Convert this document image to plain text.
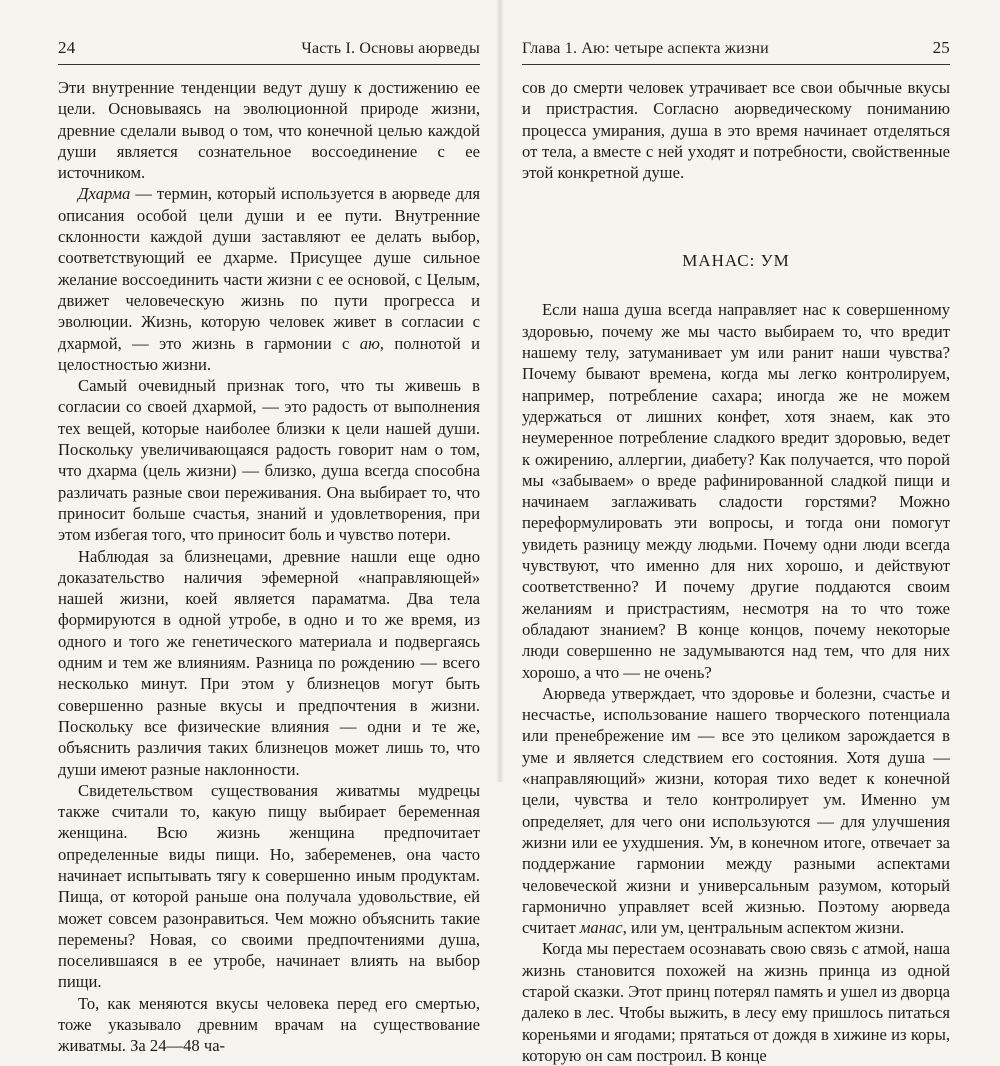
24	Часть I. Основы аюрведы

Эти внутренние тенденции ведут душу к достижению ее цели. Основываясь на эволюционной природе жизни, древние сделали вывод о том, что конечной целью каждой души является сознательное воссоединение с ее источником.

Дхарма — термин, который используется в аюрведе для описания особой цели души и ее пути. Внутренние склонности каждой души заставляют ее делать выбор, соответствующий ее дхарме. Присущее душе сильное желание воссоединить части жизни с ее основой, с Целым, движет человеческую жизнь по пути прогресса и эволюции. Жизнь, которую человек живет в согласии с дхармой, — это жизнь в гармонии с аю, полнотой и целостностью жизни.

Самый очевидный признак того, что ты живешь в согласии со своей дхармой, — это радость от выполнения тех вещей, которые наиболее близки к цели нашей души. Поскольку увеличивающаяся радость говорит нам о том, что дхарма (цель жизни) — близко, душа всегда способна различать разные свои переживания. Она выбирает то, что приносит больше счастья, знаний и удовлетворения, при этом избегая того, что приносит боль и чувство потери.

Наблюдая за близнецами, древние нашли еще одно доказательство наличия эфемерной «направляющей» нашей жизни, коей является параматма. Два тела формируются в одной утробе, в одно и то же время, из одного и того же генетического материала и подвергаясь одним и тем же влияниям. Разница по рождению — всего несколько минут. При этом у близнецов могут быть совершенно разные вкусы и предпочтения в жизни. Поскольку все физические влияния — одни и те же, объяснить различия таких близнецов может лишь то, что души имеют разные наклонности.

Свидетельством существования живатмы мудрецы также считали то, какую пищу выбирает беременная женщина. Всю жизнь женщина предпочитает определенные виды пищи. Но, забеременев, она часто начинает испытывать тягу к совершенно иным продуктам. Пища, от которой раньше она получала удовольствие, ей может совсем разонравиться. Чем можно объяснить такие перемены? Новая, со своими предпочтениями душа, поселившаяся в ее утробе, начинает влиять на выбор пищи.

То, как меняются вкусы человека перед его смертью, тоже указывало древним врачам на существование живатмы. За 24—48 ча-

Глава 1. Аю: четыре аспекта жизни	25

сов до смерти человек утрачивает все свои обычные вкусы и пристрастия. Согласно аюрведическому пониманию процесса умирания, душа в это время начинает отделяться от тела, а вместе с ней уходят и потребности, свойственные этой конкретной душе.

МАНАС: УМ

Если наша душа всегда направляет нас к совершенному здоровью, почему же мы часто выбираем то, что вредит нашему телу, затуманивает ум или ранит наши чувства? Почему бывают времена, когда мы легко контролируем, например, потребление сахара; иногда же не можем удержаться от лишних конфет, хотя знаем, как это неумеренное потребление сладкого вредит здоровью, ведет к ожирению, аллергии, диабету? Как получается, что порой мы «забываем» о вреде рафинированной сладкой пищи и начинаем заглаживать сладости горстями? Можно переформулировать эти вопросы, и тогда они помогут увидеть разницу между людьми. Почему одни люди всегда чувствуют, что именно для них хорошо, и действуют соответственно? И почему другие поддаются своим желаниям и пристрастиям, несмотря на то что тоже обладают знанием? В конце концов, почему некоторые люди совершенно не задумываются над тем, что для них хорошо, а что — не очень?

Аюрведа утверждает, что здоровье и болезни, счастье и несчастье, использование нашего творческого потенциала или пренебрежение им — все это целиком зарождается в уме и является следствием его состояния. Хотя душа — «направляющий» жизни, которая тихо ведет к конечной цели, чувства и тело контролирует ум. Именно ум определяет, для чего они используются — для улучшения жизни или ее ухудшения. Ум, в конечном итоге, отвечает за поддержание гармонии между разными аспектами человеческой жизни и универсальным разумом, который гармонично управляет всей жизнью. Поэтому аюрведа считает манас, или ум, центральным аспектом жизни.

Когда мы перестаем осознавать свою связь с атмой, наша жизнь становится похожей на жизнь принца из одной старой сказки. Этот принц потерял память и ушел из дворца далеко в лес. Чтобы выжить, в лесу ему пришлось питаться кореньями и ягодами; прятаться от дождя в хижине из коры, которую он сам построил. В конце
